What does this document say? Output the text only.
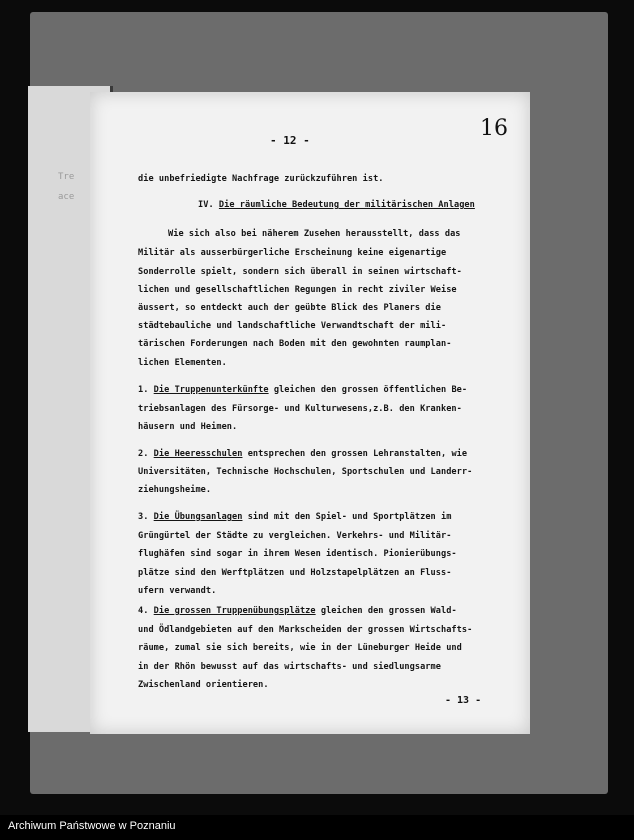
Tre
ace
- 12 -	16
die unbefriedigte Nachfrage zurückzuführen ist.
IV. Die räumliche Bedeutung der militärischen Anlagen
Wie sich also bei näherem Zusehen herausstellt, dass das
Militär als ausserbürgerliche Erscheinung keine eigenartige
Sonderrolle spielt, sondern sich überall in seinen wirtschaft-
lichen und gesellschaftlichen Regungen in recht ziviler Weise
äussert, so entdeckt auch der geübte Blick des Planers die
städtebauliche und landschaftliche Verwandtschaft der mili-
tärischen Forderungen nach Boden mit den gewohnten raumplan-
lichen Elementen.
1. Die Truppenunterkünfte gleichen den grossen öffentlichen Be-
triebsanlagen des Fürsorge- und Kulturwesens,z.B. den Kranken-
häusern und Heimen.
2. Die Heeresschulen entsprechen den grossen Lehranstalten, wie
Universitäten, Technische Hochschulen, Sportschulen und Landerr-
ziehungsheime.
3. Die Übungsanlagen sind mit den Spiel- und Sportplätzen im
Grüngürtel der Städte zu vergleichen. Verkehrs- und Militär-
flughäfen sind sogar in ihrem Wesen identisch. Pionierübungs-
plätze sind den Werftplätzen und Holzstapelplätzen an Fluss-
ufern verwandt.
4. Die grossen Truppenübungsplätze gleichen den grossen Wald-
und Ödlandgebieten auf den Markscheiden der grossen Wirtschafts-
räume, zumal sie sich bereits, wie in der Lüneburger Heide und
in der Rhön bewusst auf das wirtschafts- und siedlungsarme
Zwischenland orientieren.
- 13 -
Archiwum Państwowe w Poznaniu
